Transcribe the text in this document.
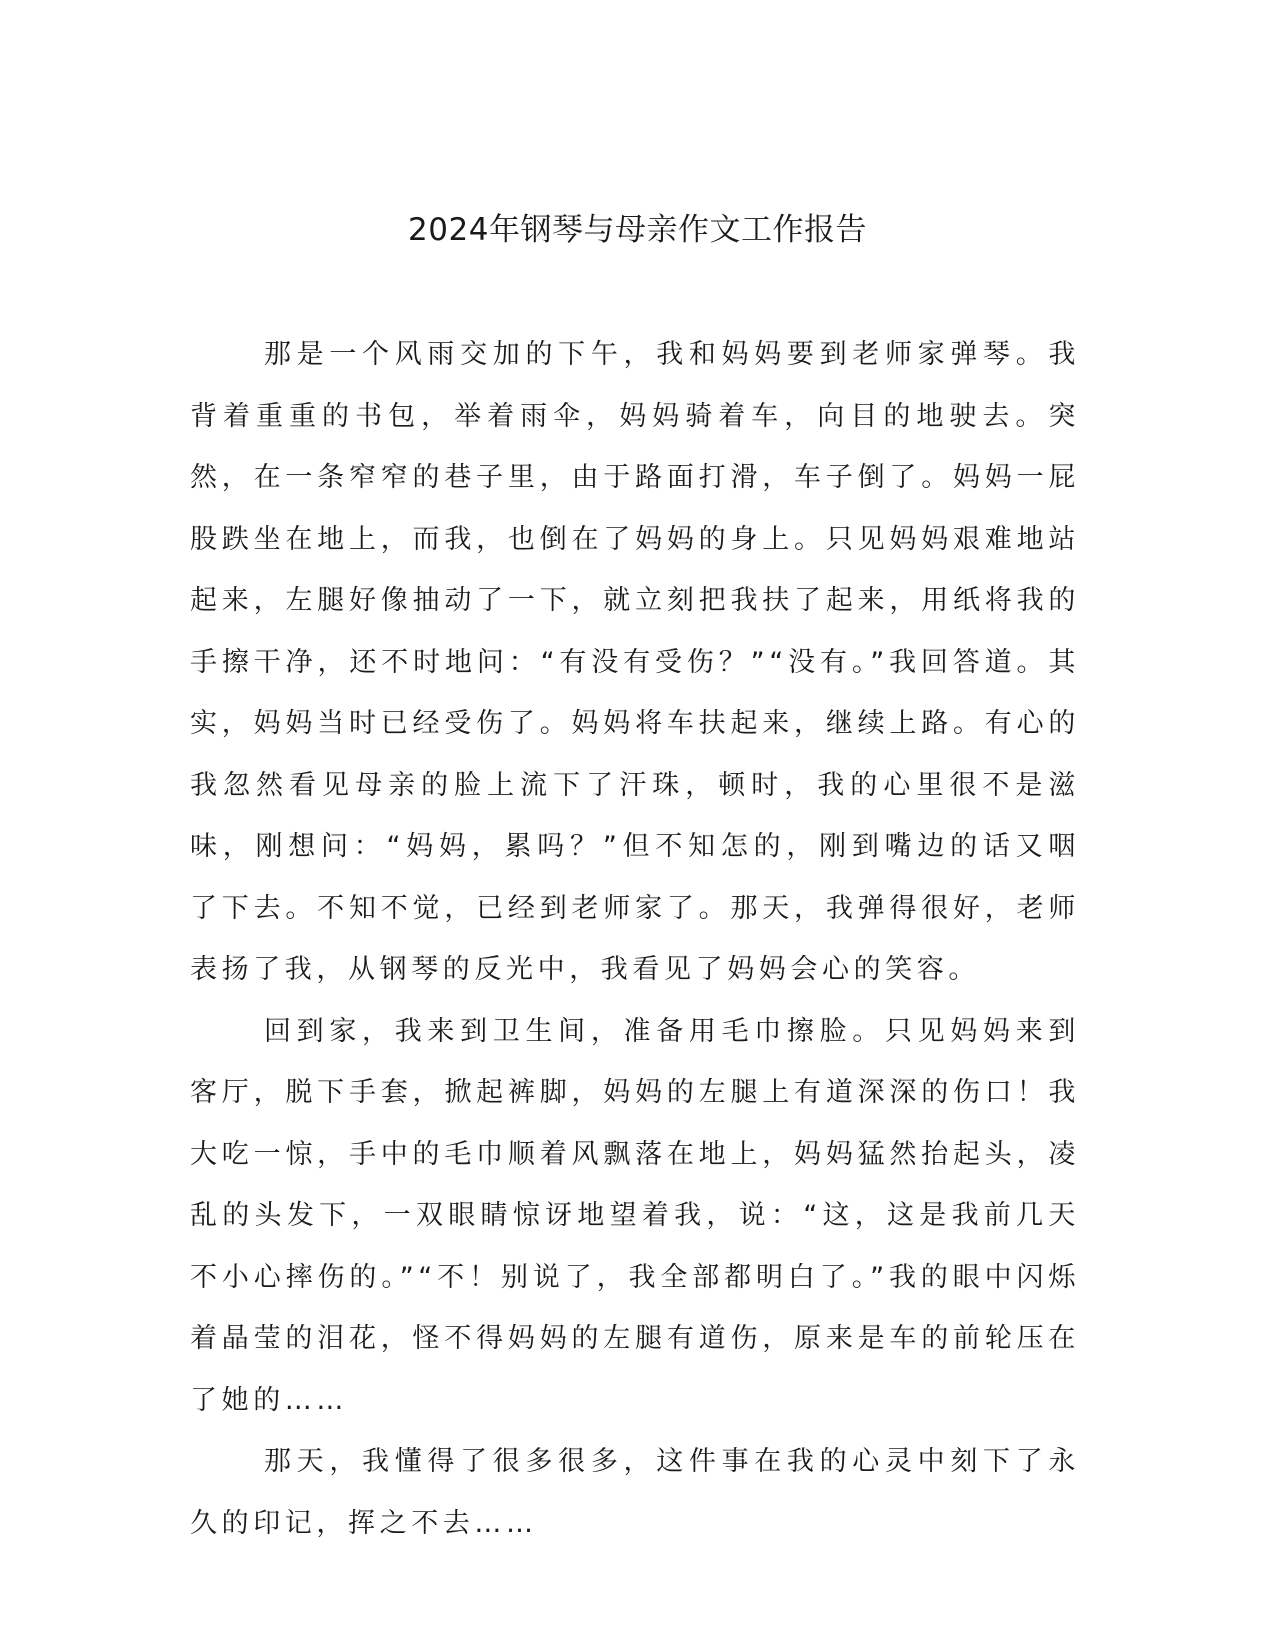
2024年钢琴与母亲作文工作报告

那是一个风雨交加的下午，我和妈妈要到老师家弹琴。我背着重重的书包，举着雨伞，妈妈骑着车，向目的地驶去。突然，在一条窄窄的巷子里，由于路面打滑，车子倒了。妈妈一屁股跌坐在地上，而我，也倒在了妈妈的身上。只见妈妈艰难地站起来，左腿好像抽动了一下，就立刻把我扶了起来，用纸将我的手擦干净，还不时地问：“有没有受伤？”“没有。”我回答道。其实，妈妈当时已经受伤了。妈妈将车扶起来，继续上路。有心的我忽然看见母亲的脸上流下了汗珠，顿时，我的心里很不是滋味，刚想问：“妈妈，累吗？”但不知怎的，刚到嘴边的话又咽了下去。不知不觉，已经到老师家了。那天，我弹得很好，老师表扬了我，从钢琴的反光中，我看见了妈妈会心的笑容。

回到家，我来到卫生间，准备用毛巾擦脸。只见妈妈来到客厅，脱下手套，掀起裤脚，妈妈的左腿上有道深深的伤口！我大吃一惊，手中的毛巾顺着风飘落在地上，妈妈猛然抬起头，凌乱的头发下，一双眼睛惊讶地望着我，说：“这，这是我前几天不小心摔伤的。”“不！别说了，我全部都明白了。”我的眼中闪烁着晶莹的泪花，怪不得妈妈的左腿有道伤，原来是车的前轮压在了她的……

那天，我懂得了很多很多，这件事在我的心灵中刻下了永久的印记，挥之不去……
